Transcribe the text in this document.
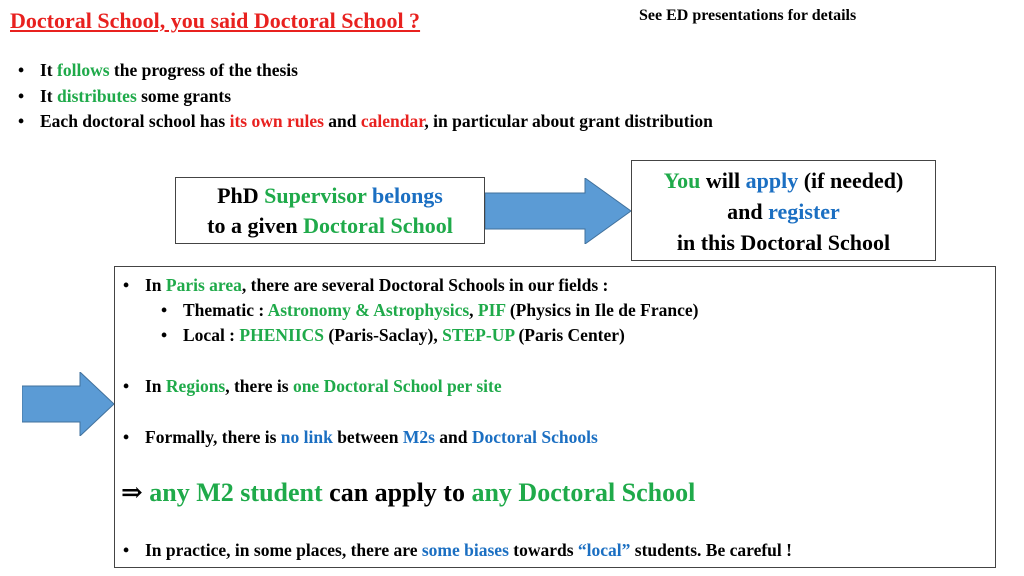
Doctoral School, you said Doctoral School ?	See ED presentations for details
• It follows the progress of the thesis
• It distributes some grants
• Each doctoral school has its own rules and calendar, in particular about grant distribution
PhD Supervisor belongs
to a given Doctoral School
You will apply (if needed)
and register
in this Doctoral School
• In Paris area, there are several Doctoral Schools in our fields :
• Thematic : Astronomy & Astrophysics, PIF (Physics in Ile de France)
• Local : PHENIICS (Paris-Saclay), STEP-UP (Paris Center)
• In Regions, there is one Doctoral School per site
• Formally, there is no link between M2s and Doctoral Schools
⇒ any M2 student can apply to any Doctoral School
• In practice, in some places, there are some biases towards “local” students. Be careful !
